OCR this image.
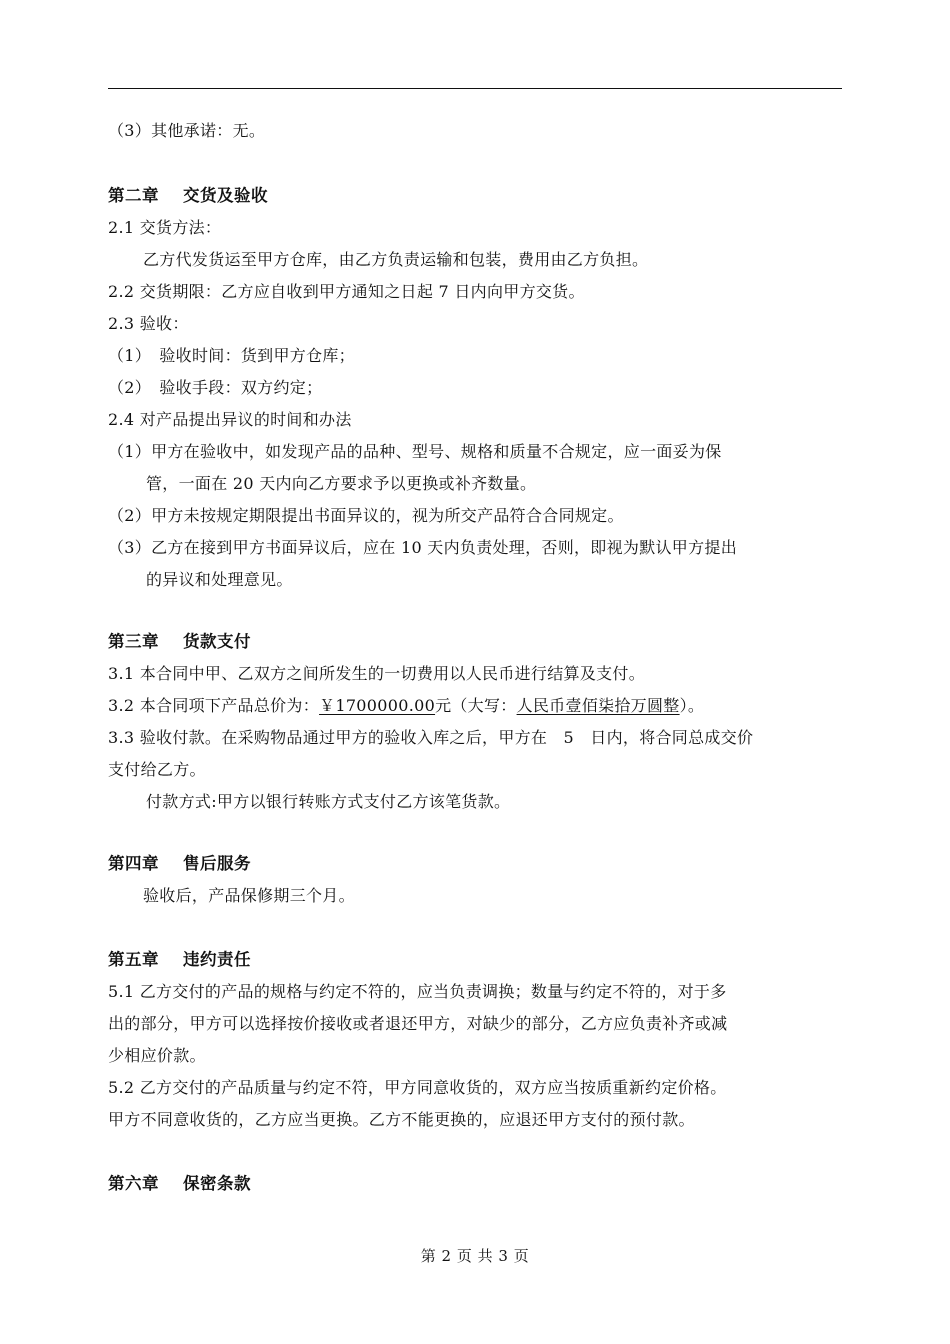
（3）其他承诺：无。
第二章 交货及验收
2.1 交货方法：
乙方代发货运至甲方仓库，由乙方负责运输和包装，费用由乙方负担。
2.2 交货期限：乙方应自收到甲方通知之日起 7 日内向甲方交货。
2.3 验收：
（1）　验收时间：货到甲方仓库；
（2）　验收手段：双方约定；
2.4 对产品提出异议的时间和办法
（1）甲方在验收中，如发现产品的品种、型号、规格和质量不合规定，应一面妥为保
管，一面在 20 天内向乙方要求予以更换或补齐数量。
（2）甲方未按规定期限提出书面异议的，视为所交产品符合合同规定。
（3）乙方在接到甲方书面异议后，应在 10 天内负责处理，否则，即视为默认甲方提出
的异议和处理意见。
第三章 货款支付
3.1 本合同中甲、乙双方之间所发生的一切费用以人民币进行结算及支付。
3.2 本合同项下产品总价为：￥1700000.00元（大写：人民币壹佰柒拾万圆整）。
3.3 验收付款。在采购物品通过甲方的验收入库之后，甲方在　5　日内，将合同总成交价
支付给乙方。
付款方式:甲方以银行转账方式支付乙方该笔货款。
第四章 售后服务
验收后，产品保修期三个月。
第五章 违约责任
5.1 乙方交付的产品的规格与约定不符的，应当负责调换；数量与约定不符的，对于多
出的部分，甲方可以选择按价接收或者退还甲方，对缺少的部分，乙方应负责补齐或减
少相应价款。
5.2 乙方交付的产品质量与约定不符，甲方同意收货的，双方应当按质重新约定价格。
甲方不同意收货的，乙方应当更换。乙方不能更换的，应退还甲方支付的预付款。
第六章 保密条款
第 2 页 共 3 页
